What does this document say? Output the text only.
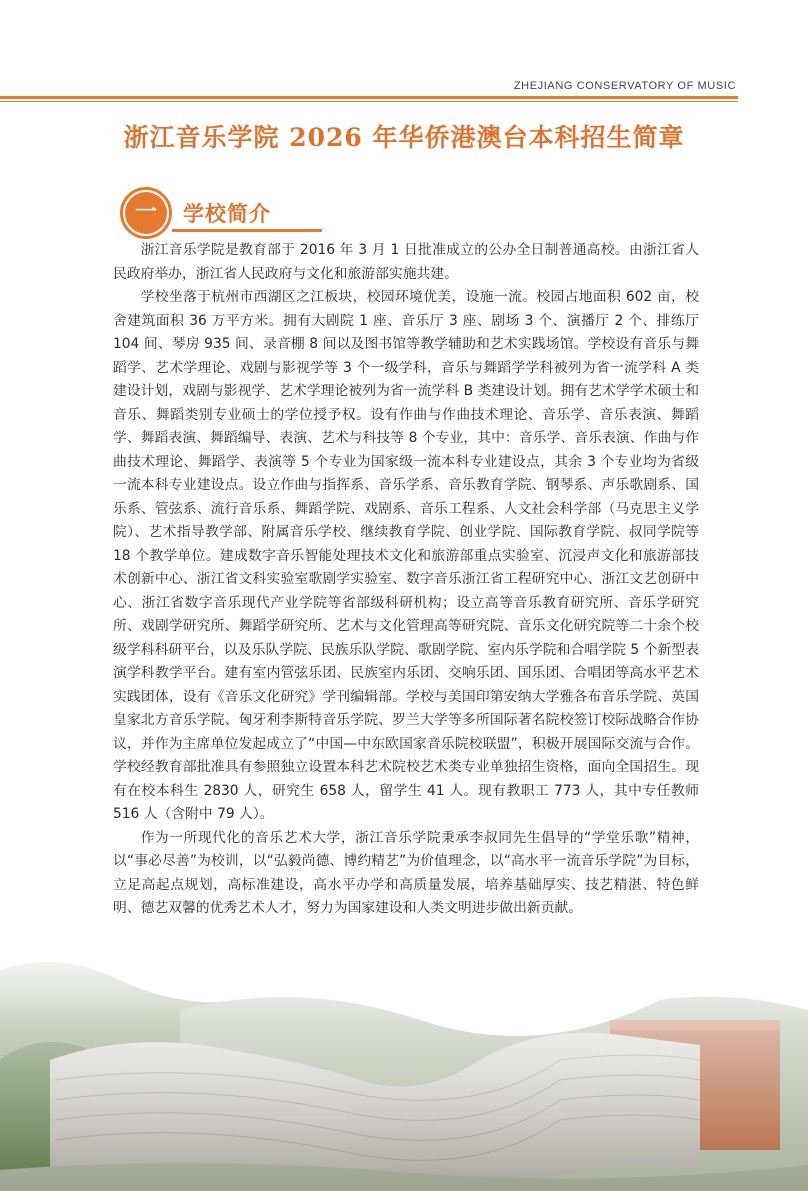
ZHEJIANG CONSERVATORY OF MUSIC
浙江音乐学院 2026 年华侨港澳台本科招生简章
一	学校简介

浙江音乐学院是教育部于 2016 年 3 月 1 日批准成立的公办全日制普通高校。由浙江省人民政府举办，浙江省人民政府与文化和旅游部实施共建。

学校坐落于杭州市西湖区之江板块，校园环境优美，设施一流。校园占地面积 602 亩，校舍建筑面积 36 万平方米。拥有大剧院 1 座、音乐厅 3 座、剧场 3 个、演播厅 2 个、排练厅 104 间、琴房 935 间、录音棚 8 间以及图书馆等教学辅助和艺术实践场馆。学校设有音乐与舞蹈学、艺术学理论、戏剧与影视学等 3 个一级学科，音乐与舞蹈学学科被列为省一流学科 A 类建设计划，戏剧与影视学、艺术学理论被列为省一流学科 B 类建设计划。拥有艺术学学术硕士和音乐、舞蹈类别专业硕士的学位授予权。设有作曲与作曲技术理论、音乐学、音乐表演、舞蹈学、舞蹈表演、舞蹈编导、表演、艺术与科技等 8 个专业，其中：音乐学、音乐表演、作曲与作曲技术理论、舞蹈学、表演等 5 个专业为国家级一流本科专业建设点，其余 3 个专业均为省级一流本科专业建设点。设立作曲与指挥系、音乐学系、音乐教育学院、钢琴系、声乐歌剧系、国乐系、管弦系、流行音乐系、舞蹈学院、戏剧系、音乐工程系、人文社会科学部（马克思主义学院）、艺术指导教学部、附属音乐学校、继续教育学院、创业学院、国际教育学院、叔同学院等 18 个教学单位。建成数字音乐智能处理技术文化和旅游部重点实验室、沉浸声文化和旅游部技术创新中心、浙江省文科实验室歌剧学实验室、数字音乐浙江省工程研究中心、浙江文艺创研中心、浙江省数字音乐现代产业学院等省部级科研机构；设立高等音乐教育研究所、音乐学研究所、戏剧学研究所、舞蹈学研究所、艺术与文化管理高等研究院、音乐文化研究院等二十余个校级学科科研平台，以及乐队学院、民族乐队学院、歌剧学院、室内乐学院和合唱学院 5 个新型表演学科教学平台。建有室内管弦乐团、民族室内乐团、交响乐团、国乐团、合唱团等高水平艺术实践团体，设有《音乐文化研究》学刊编辑部。学校与美国印第安纳大学雅各布音乐学院、英国皇家北方音乐学院、匈牙利李斯特音乐学院、罗兰大学等多所国际著名院校签订校际战略合作协议，并作为主席单位发起成立了“中国—中东欧国家音乐院校联盟”，积极开展国际交流与合作。学校经教育部批准具有参照独立设置本科艺术院校艺术类专业单独招生资格，面向全国招生。现有在校本科生 2830 人，研究生 658 人，留学生 41 人。现有教职工 773 人，其中专任教师 516 人（含附中 79 人）。

作为一所现代化的音乐艺术大学，浙江音乐学院秉承李叔同先生倡导的“学堂乐歌”精神，以“事必尽善”为校训，以“弘毅尚德、博约精艺”为价值理念，以“高水平一流音乐学院”为目标，立足高起点规划，高标准建设，高水平办学和高质量发展，培养基础厚实、技艺精湛、特色鲜明、德艺双馨的优秀艺术人才，努力为国家建设和人类文明进步做出新贡献。
